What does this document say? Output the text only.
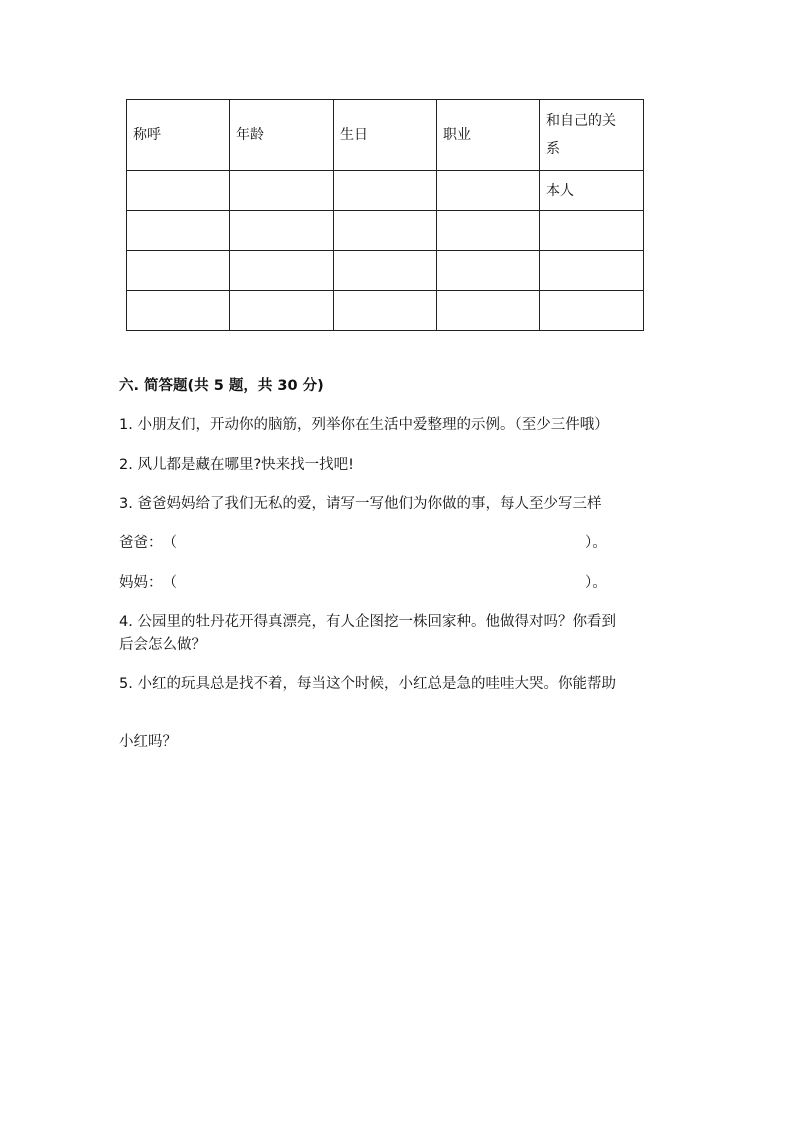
称呼	年龄	生日	职业	和自己的关
系
				本人

六. 简答题(共 5 题，共 30 分)
1. 小朋友们，开动你的脑筋，列举你在生活中爱整理的示例。（至少三件哦）
2. 风儿都是藏在哪里?快来找一找吧!
3. 爸爸妈妈给了我们无私的爱，请写一写他们为你做的事，每人至少写三样
爸爸：（	）。
妈妈：（	）。
4. 公园里的牡丹花开得真漂亮，有人企图挖一株回家种。他做得对吗？你看到
后会怎么做？
5. 小红的玩具总是找不着，每当这个时候，小红总是急的哇哇大哭。你能帮助
小红吗？
